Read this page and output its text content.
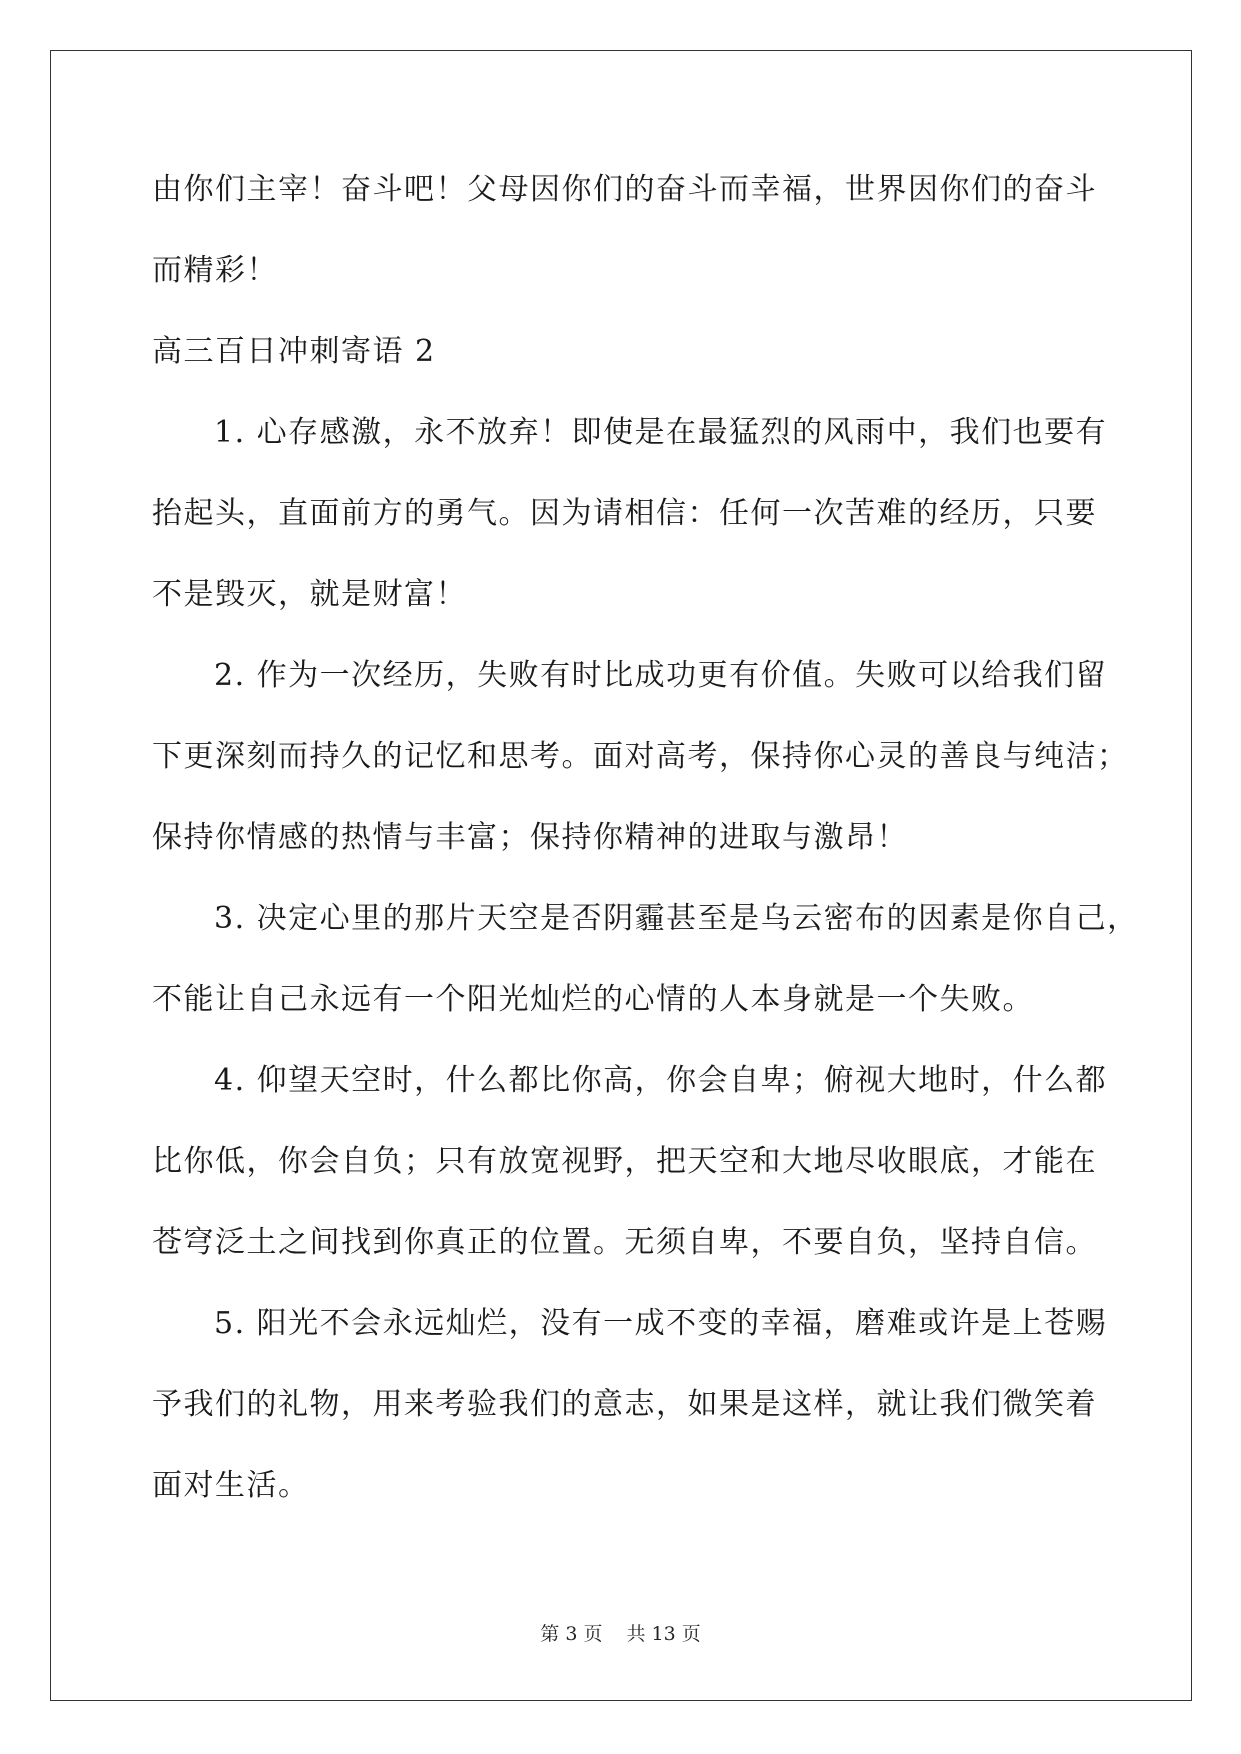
由你们主宰！奋斗吧！父母因你们的奋斗而幸福，世界因你们的奋斗
而精彩！
高三百日冲刺寄语 2
1. 心存感激，永不放弃！即使是在最猛烈的风雨中，我们也要有
抬起头，直面前方的勇气。因为请相信：任何一次苦难的经历，只要
不是毁灭，就是财富！
2. 作为一次经历，失败有时比成功更有价值。失败可以给我们留
下更深刻而持久的记忆和思考。面对高考，保持你心灵的善良与纯洁；
保持你情感的热情与丰富；保持你精神的进取与激昂！
3. 决定心里的那片天空是否阴霾甚至是乌云密布的因素是你自己，
不能让自己永远有一个阳光灿烂的心情的人本身就是一个失败。
4. 仰望天空时，什么都比你高，你会自卑；俯视大地时，什么都
比你低，你会自负；只有放宽视野，把天空和大地尽收眼底，才能在
苍穹泛土之间找到你真正的位置。无须自卑，不要自负，坚持自信。
5. 阳光不会永远灿烂，没有一成不变的幸福，磨难或许是上苍赐
予我们的礼物，用来考验我们的意志，如果是这样，就让我们微笑着
面对生活。
第 3 页 共 13 页
